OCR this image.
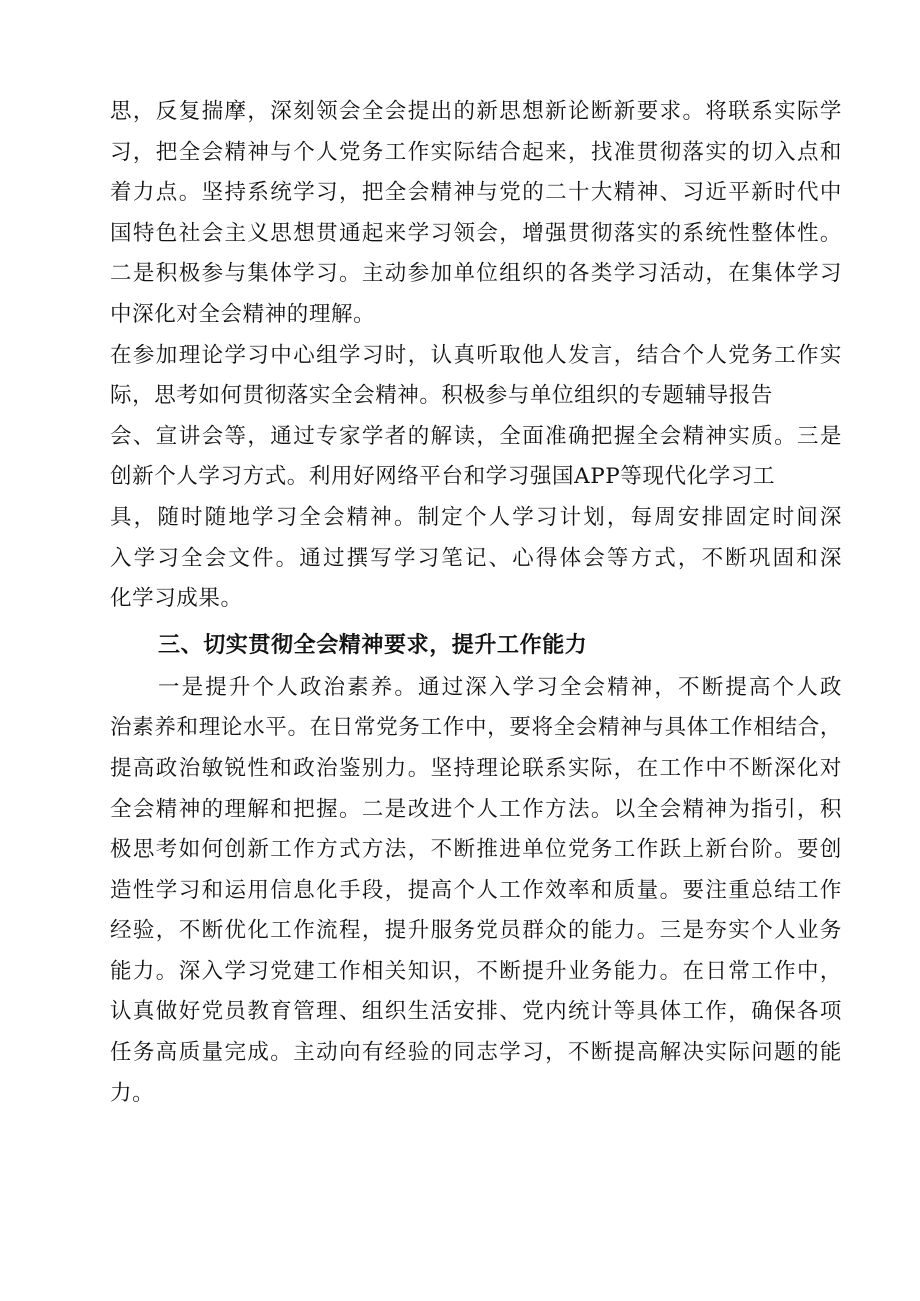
思，反复揣摩，深刻领会全会提出的新思想新论断新要求。将联系实际学
习，把全会精神与个人党务工作实际结合起来，找准贯彻落实的切入点和
着力点。坚持系统学习，把全会精神与党的二十大精神、习近平新时代中
国特色社会主义思想贯通起来学习领会，增强贯彻落实的系统性整体性。
二是积极参与集体学习。主动参加单位组织的各类学习活动，在集体学习
中深化对全会精神的理解。
在参加理论学习中心组学习时，认真听取他人发言，结合个人党务工作实
际，思考如何贯彻落实全会精神。积极参与单位组织的专题辅导报告
会、宣讲会等，通过专家学者的解读，全面准确把握全会精神实质。三是
创新个人学习方式。利用好网络平台和学习强国APP等现代化学习工
具，随时随地学习全会精神。制定个人学习计划，每周安排固定时间深
入学习全会文件。通过撰写学习笔记、心得体会等方式，不断巩固和深
化学习成果。
三、切实贯彻全会精神要求，提升工作能力
一是提升个人政治素养。通过深入学习全会精神，不断提高个人政
治素养和理论水平。在日常党务工作中，要将全会精神与具体工作相结合，
提高政治敏锐性和政治鉴别力。坚持理论联系实际，在工作中不断深化对
全会精神的理解和把握。二是改进个人工作方法。以全会精神为指引，积
极思考如何创新工作方式方法，不断推进单位党务工作跃上新台阶。要创
造性学习和运用信息化手段，提高个人工作效率和质量。要注重总结工作
经验，不断优化工作流程，提升服务党员群众的能力。三是夯实个人业务
能力。深入学习党建工作相关知识，不断提升业务能力。在日常工作中，
认真做好党员教育管理、组织生活安排、党内统计等具体工作，确保各项
任务高质量完成。主动向有经验的同志学习，不断提高解决实际问题的能
力。
